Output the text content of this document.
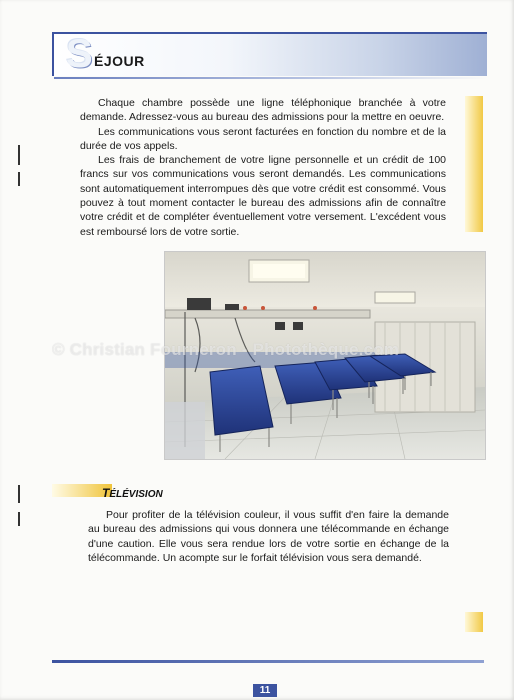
S ÉJOUR

Chaque chambre possède une ligne téléphonique branchée à votre demande. Adressez-vous au bureau des admissions pour la mettre en oeuvre.

Les communications vous seront facturées en fonction du nombre et de la durée de vos appels.

Les frais de branchement de votre ligne personnelle et un crédit de 100 francs sur vos communications vous seront demandés. Les communications sont automatiquement interrompues dès que votre crédit est consommé. Vous pouvez à tout moment contacter le bureau des admissions afin de connaître votre crédit et de compléter éventuellement votre versement. L'excédent vous est remboursé lors de votre sortie.

© Christian Fourneron - Photothèque.com
TÉLÉVISION

Pour profiter de la télévision couleur, il vous suffit d'en faire la demande au bureau des admissions qui vous donnera une télécommande en échange d'une caution. Elle vous sera rendue lors de votre sortie en échange de la télécommande. Un acompte sur le forfait télévision vous sera demandé.

11
